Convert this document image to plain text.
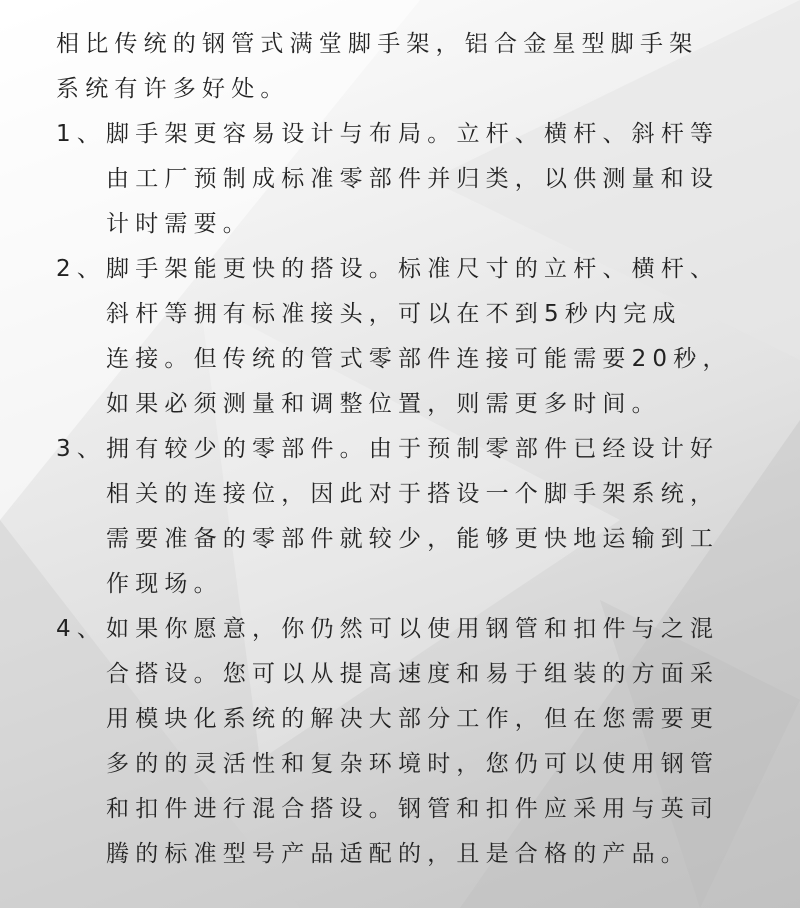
相比传统的钢管式满堂脚手架，铝合金星型脚手架
系统有许多好处。
1、脚手架更容易设计与布局。立杆、横杆、斜杆等
由工厂预制成标准零部件并归类，以供测量和设
计时需要。
2、脚手架能更快的搭设。标准尺寸的立杆、横杆、
斜杆等拥有标准接头，可以在不到5秒内完成
连接。但传统的管式零部件连接可能需要20秒，
如果必须测量和调整位置，则需更多时间。
3、拥有较少的零部件。由于预制零部件已经设计好
相关的连接位，因此对于搭设一个脚手架系统，
需要准备的零部件就较少，能够更快地运输到工
作现场。
4、如果你愿意，你仍然可以使用钢管和扣件与之混
合搭设。您可以从提高速度和易于组装的方面采
用模块化系统的解决大部分工作，但在您需要更
多的的灵活性和复杂环境时，您仍可以使用钢管
和扣件进行混合搭设。钢管和扣件应采用与英司
腾的标准型号产品适配的，且是合格的产品。
